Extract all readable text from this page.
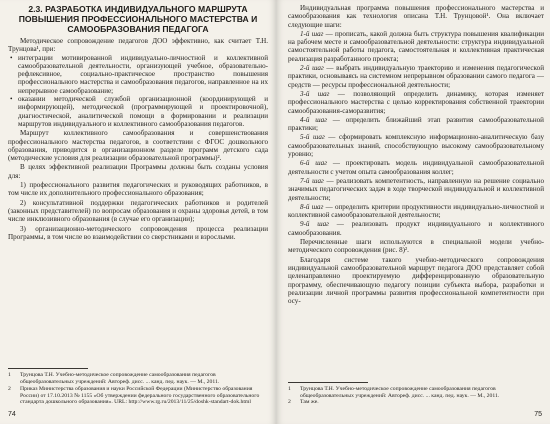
2.3. РАЗРАБОТКА ИНДИВИДУАЛЬНОГО МАРШРУТА ПОВЫШЕНИЯ ПРОФЕССИОНАЛЬНОГО МАСТЕРСТВА И САМООБРАЗОВАНИЯ ПЕДАГОГА

Методическое сопровождение педагогов ДОО эффективно, как считает Т.Н. Трунцова¹, при:

• интеграции мотивированной индивидуально-личностной и коллективной самообразовательной деятельности, организующей учебное, образовательно-рефлексивное, социально-практическое пространство повышения профессионального мастерства и самообразования педагогов, направленное на их непрерывное самообразование;
• оказании методической службой организационной (координирующей и информирующей), методической (программирующей и проектировочной), диагностической, аналитической помощи в формировании и реализации маршрутов индивидуального и коллективного самообразования педагогов.

Маршрут коллективного самообразования и совершенствования профессионального мастерства педагогов, в соответствии с ФГОС дошкольного образования, приводится в организационном разделе программ детского сада (методические условия для реализации образовательной программы)².

В целях эффективной реализации Программы должны быть созданы условия для:

1) профессионального развития педагогических и руководящих работников, в том числе их дополнительного профессионального образования;

2) консультативной поддержки педагогических работников и родителей (законных представителей) по вопросам образования и охраны здоровья детей, в том числе инклюзивного образования (в случае его организации);

3) организационно-методического сопровождения процесса реализации Программы, в том числе во взаимодействии со сверстниками и взрослыми.

1 Трунцова Т.Н. Учебно-методическое сопровождение самообразования педагогов общеобразовательных учреждений: Автореф. дисс. ... канд. пед. наук. — М., 2011.

2 Приказ Министерства образования и науки Российской Федерации (Министерство образования России) от 17.10.2013 № 1155 «Об утверждении федерального государственного образовательного стандарта дошкольного образования». URL: http://www.rg.ru/2013/11/25/doshk-standart-dok.html

74

Индивидуальная программа повышения профессионального мастерства и самообразования как технология описана Т.Н. Трунцовой¹. Она включает следующие шаги:

1-й шаг — прописать, какой должна быть структура повышения квалификации на рабочем месте и самообразовательной деятельности: структура индивидуальной самостоятельной работы педагога, самостоятельная и коллективная практическая реализация разработанного проекта;

2-й шаг — выбрать индивидуальную траекторию и изменения педагогической практики, основываясь на системном непрерывном образовании самого педагога — средств — ресурсы профессиональной деятельности;

3-й шаг — позволяющий определить динамику, которая изменяет профессионального мастерства с целью корректирования собственной траектории самообразования-саморазвития;

4-й шаг — определить ближайший этап развития самообразовательной практики;

5-й шаг — сформировать комплексную информационно-аналитическую базу самообразовательных знаний, способствующую высокому самообразовательному уровню;

6-й шаг — проектировать модель индивидуальной самообразовательной деятельности с учетом опыта самообразования коллег;

7-й шаг — реализовать компетентность, направленную на решение социально значимых педагогических задач в ходе творческой индивидуальной и коллективной деятельности;

8-й шаг — определить критерии продуктивности индивидуально-личностной и коллективной самообразовательной деятельности;

9-й шаг — реализовать продукт индивидуального и коллективного самообразования.

Перечисленные шаги используются в специальной модели учебно-методического сопровождения (рис. 8)².

Благодаря системе такого учебно-методического сопровождения индивидуальной самообразовательной маршрут педагога ДОО представляет собой целенаправленно проектируемую дифференцированную образовательную программу, обеспечивающую педагогу позиции субъекта выбора, разработки и реализации личной программы развития профессиональной компетентности при осу-

1 Трунцова Т.Н. Учебно-методическое сопровождение самообразования педагогов общеобразовательных учреждений: Автореф. дисс. ... канд. пед. наук. — М., 2011.

2 Там же.

75
